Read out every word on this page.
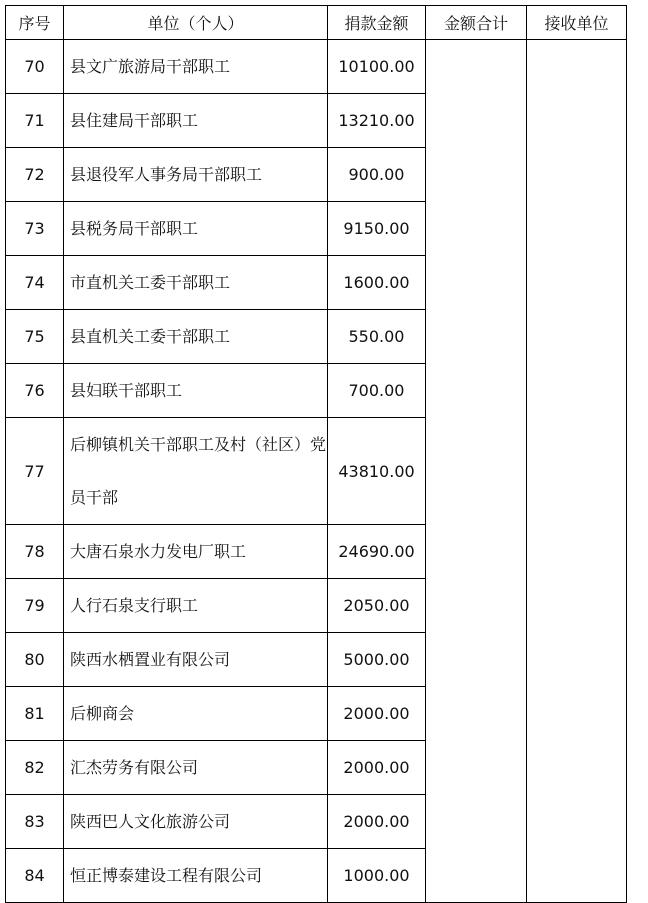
序号	单位（个人）	捐款金额	金额合计	接收单位
70	县文广旅游局干部职工	10100.00		
71	县住建局干部职工	13210.00		
72	县退役军人事务局干部职工	900.00		
73	县税务局干部职工	9150.00		
74	市直机关工委干部职工	1600.00		
75	县直机关工委干部职工	550.00		
76	县妇联干部职工	700.00		
77	后柳镇机关干部职工及村（社区）党员干部	43810.00		
78	大唐石泉水力发电厂职工	24690.00		
79	人行石泉支行职工	2050.00		
80	陕西水栖置业有限公司	5000.00		
81	后柳商会	2000.00		
82	汇杰劳务有限公司	2000.00		
83	陕西巴人文化旅游公司	2000.00		
84	恒正博泰建设工程有限公司	1000.00		
